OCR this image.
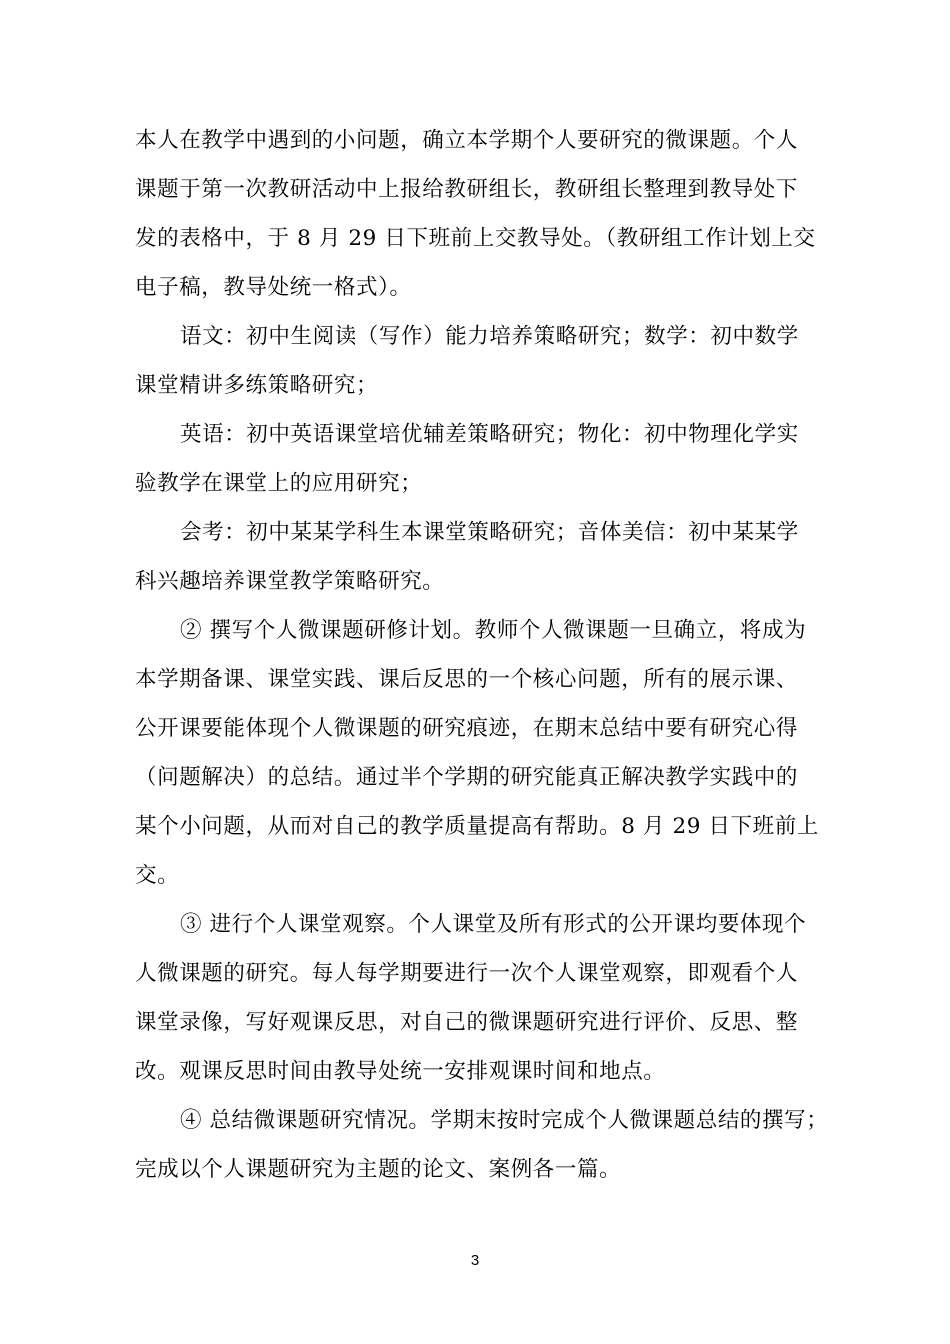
本人在教学中遇到的小问题，确立本学期个人要研究的微课题。个人
课题于第一次教研活动中上报给教研组长，教研组长整理到教导处下
发的表格中，于 8 月 29 日下班前上交教导处。（教研组工作计划上交
电子稿，教导处统一格式）。
语文：初中生阅读（写作）能力培养策略研究；数学：初中数学
课堂精讲多练策略研究；
英语：初中英语课堂培优辅差策略研究；物化：初中物理化学实
验教学在课堂上的应用研究；
会考：初中某某学科生本课堂策略研究；音体美信：初中某某学
科兴趣培养课堂教学策略研究。
② 撰写个人微课题研修计划。教师个人微课题一旦确立，将成为
本学期备课、课堂实践、课后反思的一个核心问题，所有的展示课、
公开课要能体现个人微课题的研究痕迹，在期末总结中要有研究心得
（问题解决）的总结。通过半个学期的研究能真正解决教学实践中的
某个小问题，从而对自己的教学质量提高有帮助。8 月 29 日下班前上
交。
③ 进行个人课堂观察。个人课堂及所有形式的公开课均要体现个
人微课题的研究。每人每学期要进行一次个人课堂观察，即观看个人
课堂录像，写好观课反思，对自己的微课题研究进行评价、反思、整
改。观课反思时间由教导处统一安排观课时间和地点。
④ 总结微课题研究情况。学期末按时完成个人微课题总结的撰写；
完成以个人课题研究为主题的论文、案例各一篇。
3
